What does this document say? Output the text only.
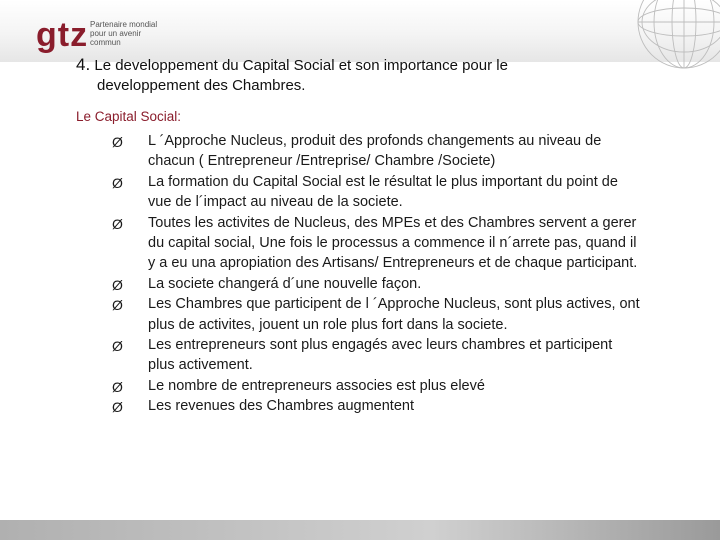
gtz Partenaire mondial pour un avenir commun
4. Le developpement du Capital Social et son importance pour le
developpement des Chambres.
Le Capital Social:
Ø L ´Approche Nucleus, produit des profonds changements au niveau de chacun ( Entrepreneur /Entreprise/ Chambre /Societe)
Ø La formation du Capital Social est le résultat le plus important du point de vue de l´impact au niveau de la societe.
Ø Toutes les activites de Nucleus, des MPEs et des Chambres servent a gerer du capital social, Une fois le processus a commence il n´arrete pas, quand il y a eu una apropiation des Artisans/ Entrepreneurs et de chaque participant.
Ø La societe changerá d´une nouvelle façon.
Ø Les Chambres que participent de l ´Approche Nucleus, sont plus actives, ont plus de activites, jouent un role plus fort dans la societe.
Ø Les entrepreneurs sont plus engagés avec leurs chambres et participent plus activement.
Ø Le nombre de entrepreneurs associes est plus elevé
Ø Les revenues des Chambres augmentent
